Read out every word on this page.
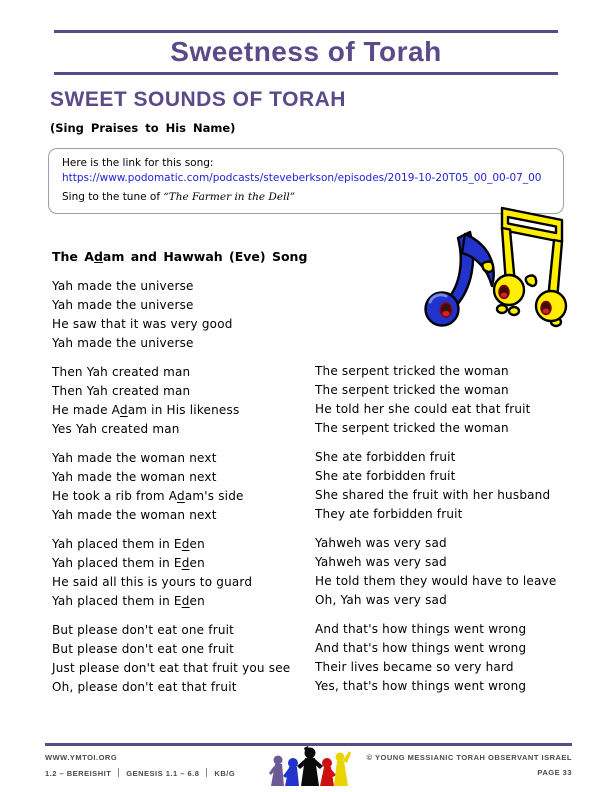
Sweetness of Torah
SWEET SOUNDS OF TORAH
(Sing Praises to His Name)
Here is the link for this song:
https://www.podomatic.com/podcasts/steveberkson/episodes/2019-10-20T05_00_00-07_00
Sing to the tune of “The Farmer in the Dell”
The Adam and Hawwah (Eve) Song
Yah made the universe
Yah made the universe
He saw that it was very good
Yah made the universe
Then Yah created man
Then Yah created man
He made Adam in His likeness
Yes Yah created man
Yah made the woman next
Yah made the woman next
He took a rib from Adam's side
Yah made the woman next
Yah placed them in Eden
Yah placed them in Eden
He said all this is yours to guard
Yah placed them in Eden
But please don't eat one fruit
But please don't eat one fruit
Just please don't eat that fruit you see
Oh, please don't eat that fruit
The serpent tricked the woman
The serpent tricked the woman
He told her she could eat that fruit
The serpent tricked the woman
She ate forbidden fruit
She ate forbidden fruit
She shared the fruit with her husband
They ate forbidden fruit
Yahweh was very sad
Yahweh was very sad
He told them they would have to leave
Oh, Yah was very sad
And that's how things went wrong
And that's how things went wrong
Their lives became so very hard
Yes, that's how things went wrong
WWW.YMTOI.ORG
1.2 – BEREISHIT GENESIS 1.1 – 6.8 KB/G
© YOUNG MESSIANIC TORAH OBSERVANT ISRAEL
PAGE 33
